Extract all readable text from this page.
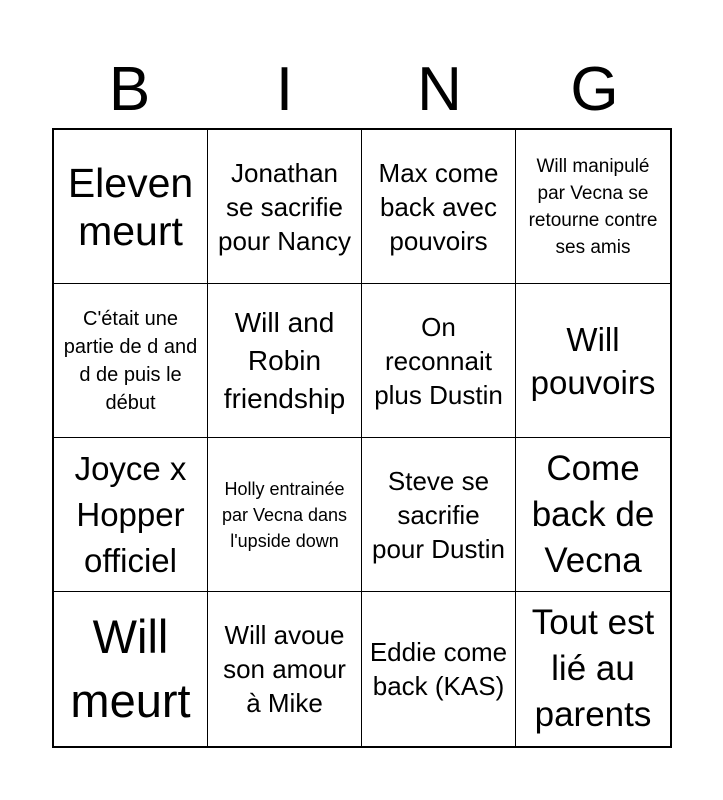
B	I	N	G
Eleven meurt
Jonathan se sacrifie pour Nancy
Max come back avec pouvoirs
Will manipulé par Vecna se retourne contre ses amis
C'était une partie de d and d de puis le début
Will and Robin friendship
On reconnait plus Dustin
Will pouvoirs
Joyce x Hopper officiel
Holly entrainée par Vecna dans l'upside down
Steve se sacrifie pour Dustin
Come back de Vecna
Will meurt
Will avoue son amour à Mike
Eddie come back (KAS)
Tout est lié au parents
